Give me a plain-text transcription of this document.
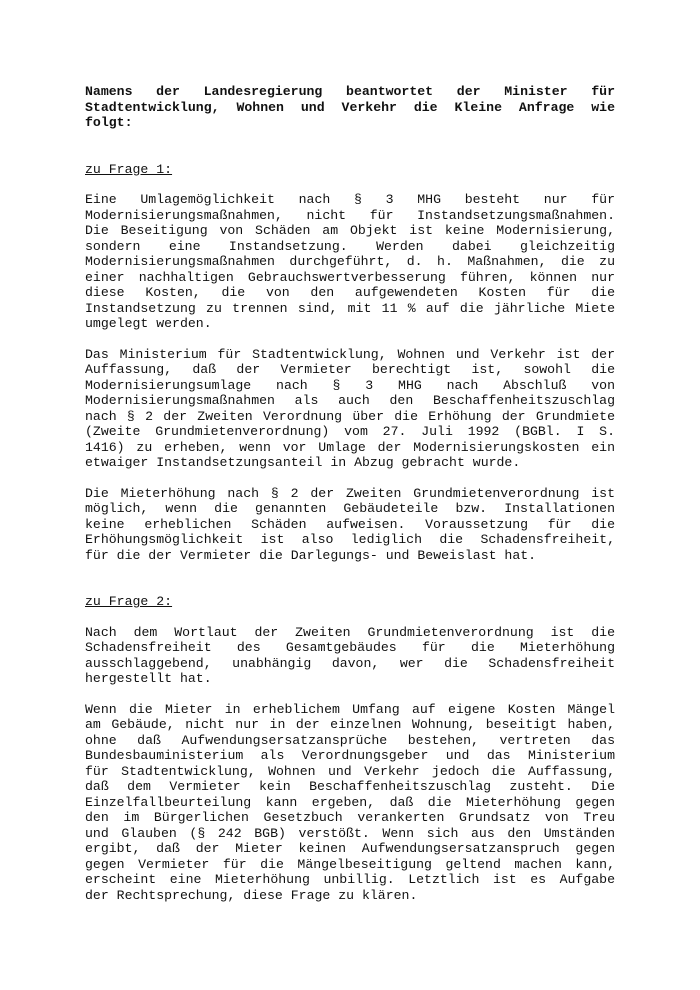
Namens der Landesregierung beantwortet der Minister für
Stadtentwicklung, Wohnen und Verkehr die Kleine Anfrage wie
folgt:

zu Frage 1:

Eine Umlagemöglichkeit nach § 3 MHG besteht nur für
Modernisierungsmaßnahmen, nicht für Instandsetzungsmaßnahmen.
Die Beseitigung von Schäden am Objekt ist keine Modernisierung,
sondern eine Instandsetzung. Werden dabei gleichzeitig
Modernisierungsmaßnahmen durchgeführt, d. h. Maßnahmen, die zu
einer nachhaltigen Gebrauchswertverbesserung führen, können nur
diese Kosten, die von den aufgewendeten Kosten für die
Instandsetzung zu trennen sind, mit 11 % auf die jährliche Miete
umgelegt werden.

Das Ministerium für Stadtentwicklung, Wohnen und Verkehr ist der
Auffassung, daß der Vermieter berechtigt ist, sowohl die
Modernisierungsumlage nach § 3 MHG nach Abschluß von
Modernisierungsmaßnahmen als auch den Beschaffenheitszuschlag
nach § 2 der Zweiten Verordnung über die Erhöhung der Grundmiete
(Zweite Grundmietenverordnung) vom 27. Juli 1992 (BGBl. I S.
1416) zu erheben, wenn vor Umlage der Modernisierungskosten ein
etwaiger Instandsetzungsanteil in Abzug gebracht wurde.

Die Mieterhöhung nach § 2 der Zweiten Grundmietenverordnung ist
möglich, wenn die genannten Gebäudeteile bzw. Installationen
keine erheblichen Schäden aufweisen. Voraussetzung für die
Erhöhungsmöglichkeit ist also lediglich die Schadensfreiheit,
für die der Vermieter die Darlegungs- und Beweislast hat.

zu Frage 2:

Nach dem Wortlaut der Zweiten Grundmietenverordnung ist die
Schadensfreiheit des Gesamtgebäudes für die Mieterhöhung
ausschlaggebend, unabhängig davon, wer die Schadensfreiheit
hergestellt hat.

Wenn die Mieter in erheblichem Umfang auf eigene Kosten Mängel
am Gebäude, nicht nur in der einzelnen Wohnung, beseitigt haben,
ohne daß Aufwendungsersatzansprüche bestehen, vertreten das
Bundesbauministerium als Verordnungsgeber und das Ministerium
für Stadtentwicklung, Wohnen und Verkehr jedoch die Auffassung,
daß dem Vermieter kein Beschaffenheitszuschlag zusteht. Die
Einzelfallbeurteilung kann ergeben, daß die Mieterhöhung gegen
den im Bürgerlichen Gesetzbuch verankerten Grundsatz von Treu
und Glauben (§ 242 BGB) verstößt. Wenn sich aus den Umständen
ergibt, daß der Mieter keinen Aufwendungsersatzanspruch gegen
gegen Vermieter für die Mängelbeseitigung geltend machen kann,
erscheint eine Mieterhöhung unbillig. Letztlich ist es Aufgabe
der Rechtsprechung, diese Frage zu klären.
